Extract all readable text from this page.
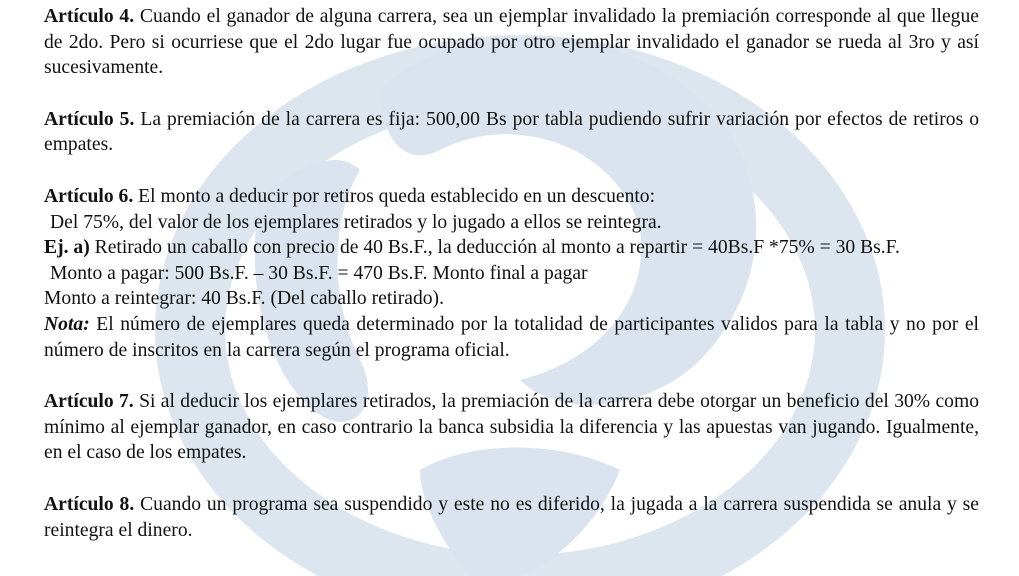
Artículo 4. Cuando el ganador de alguna carrera, sea un ejemplar invalidado la premiación corresponde al que llegue de 2do. Pero si ocurriese que el 2do lugar fue ocupado por otro ejemplar invalidado el ganador se rueda al 3ro y así sucesivamente.

Artículo 5. La premiación de la carrera es fija: 500,00 Bs por tabla pudiendo sufrir variación por efectos de retiros o empates.

Artículo 6. El monto a deducir por retiros queda establecido en un descuento:
Del 75%, del valor de los ejemplares retirados y lo jugado a ellos se reintegra.
Ej. a) Retirado un caballo con precio de 40 Bs.F., la deducción al monto a repartir = 40Bs.F *75% = 30 Bs.F.
Monto a pagar: 500 Bs.F. – 30 Bs.F. = 470 Bs.F. Monto final a pagar
Monto a reintegrar: 40 Bs.F. (Del caballo retirado).
Nota: El número de ejemplares queda determinado por la totalidad de participantes validos para la tabla y no por el número de inscritos en la carrera según el programa oficial.

Artículo 7. Si al deducir los ejemplares retirados, la premiación de la carrera debe otorgar un beneficio del 30% como mínimo al ejemplar ganador, en caso contrario la banca subsidia la diferencia y las apuestas van jugando. Igualmente, en el caso de los empates.

Artículo 8. Cuando un programa sea suspendido y este no es diferido, la jugada a la carrera suspendida se anula y se reintegra el dinero.
